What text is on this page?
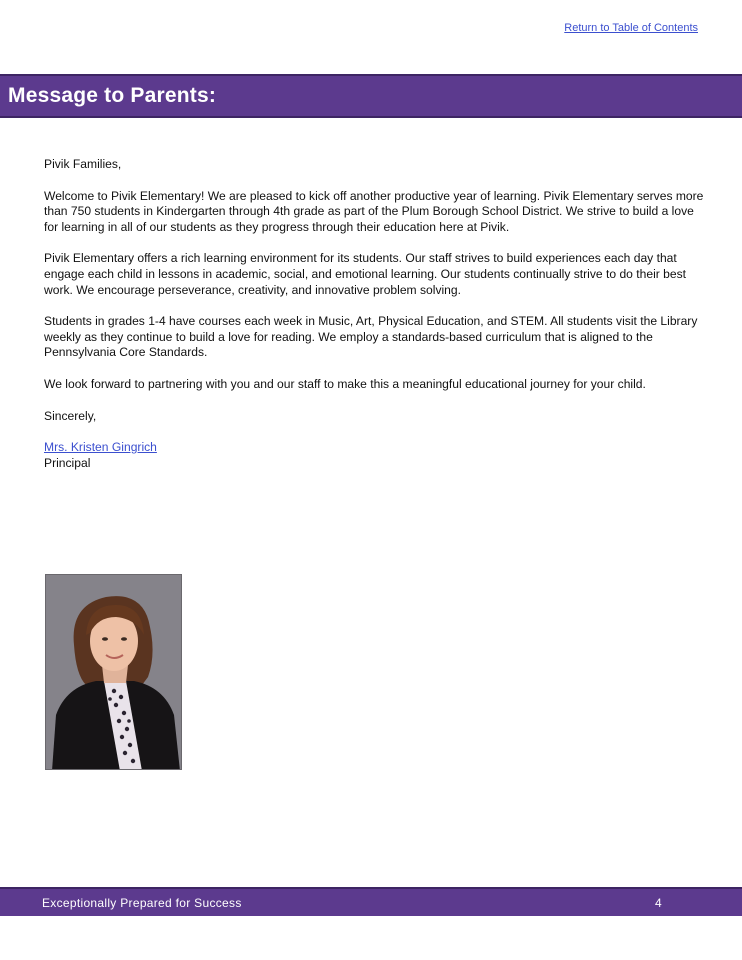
Return to Table of Contents
Message to Parents:

Pivik Families,

Welcome to Pivik Elementary! We are pleased to kick off another productive year of learning. Pivik Elementary serves more than 750 students in Kindergarten through 4th grade as part of the Plum Borough School District. We strive to build a love for learning in all of our students as they progress through their education here at Pivik.

Pivik Elementary offers a rich learning environment for its students. Our staff strives to build experiences each day that engage each child in lessons in academic, social, and emotional learning. Our students continually strive to do their best work. We encourage perseverance, creativity, and innovative problem solving.

Students in grades 1-4 have courses each week in Music, Art, Physical Education, and STEM. All students visit the Library weekly as they continue to build a love for reading. We employ a standards-based curriculum that is aligned to the Pennsylvania Core Standards.

We look forward to partnering with you and our staff to make this a meaningful educational journey for your child.

Sincerely,

Mrs. Kristen Gingrich
Principal
Exceptionally Prepared for Success	4
